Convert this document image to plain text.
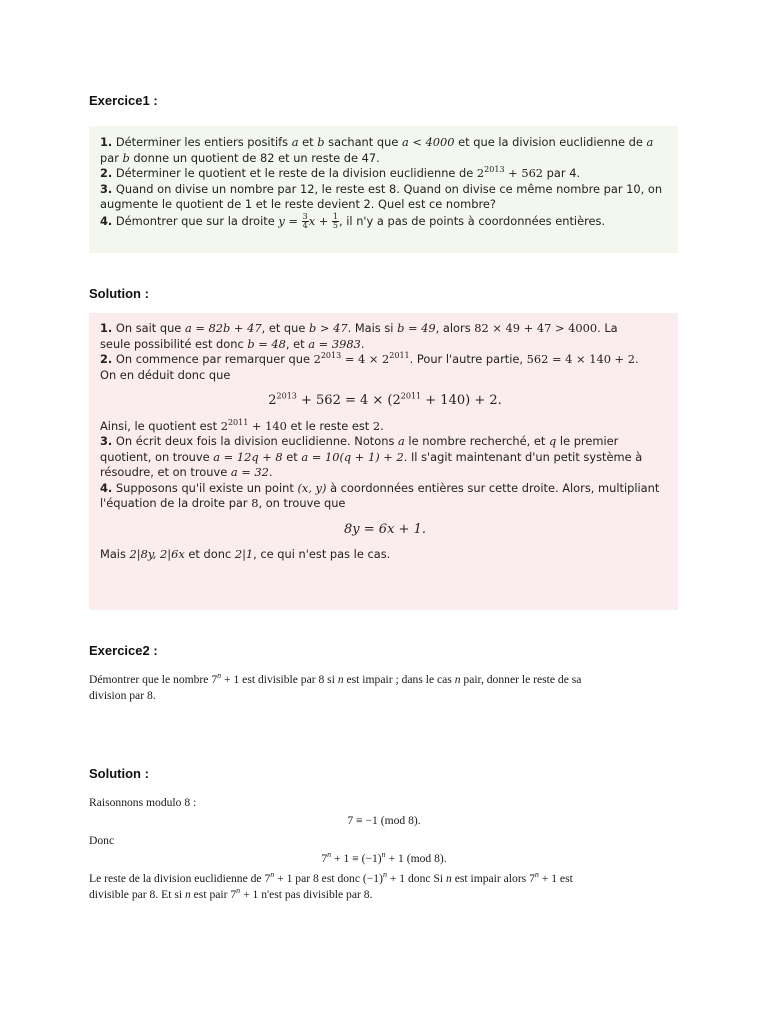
Exercice1 :
1. Déterminer les entiers positifs a et b sachant que a < 4000 et que la division euclidienne de a
par b donne un quotient de 82 et un reste de 47.
2. Déterminer le quotient et le reste de la division euclidienne de $2^{2013} + 562$ par 4.
3. Quand on divise un nombre par 12, le reste est 8. Quand on divise ce même nombre par 10, on
augmente le quotient de 1 et le reste devient 2. Quel est ce nombre?
4. Démontrer que sur la droite $y = \frac{3}{4}$ $x + \frac{1}{5}$ , il n'y a pas de points à coordonnées entières.
Solution :
1. On sait que a = 82b + 47, et que b > 47. Mais si b = 49, alors 82 × 49 + 47 > 4000. La
seule possibilité est donc b = 48, et a = 3983.
2. On commence par remarquer que $2^{2013} = 4 \times 2^{2011}$. Pour l'autre partie, 562 = 4 × 140 + 2.
On en déduit donc que
$2^{2013} + 562 = 4 \times (2^{2011} + 140) + 2$.
Ainsi, le quotient est $2^{2011} + 140$ et le reste est 2.
3. On écrit deux fois la division euclidienne. Notons a le nombre recherché, et q le premier
quotient, on trouve a = 12q + 8 et a = 10(q + 1) + 2. Il s'agit maintenant d'un petit système à
résoudre, et on trouve a = 32.
4. Supposons qu'il existe un point (x, y) à coordonnées entières sur cette droite. Alors, multipliant
l'équation de la droite par 8, on trouve que
8y = 6x + 1.
Mais 2|8y, 2|6x et donc 2|1, ce qui n'est pas le cas.
Exercice2 :
Démontrer que le nombre $7^n + 1$ est divisible par 8 si n est impair ; dans le cas n pair, donner le reste de sa
division par 8.
Solution :
Raisonnons modulo 8 :
7 ≡ −1 (mod 8).
Donc
$7^n + 1 \equiv (-1)^n + 1$ (mod 8).
Le reste de la division euclidienne de $7^n + 1$ par 8 est donc $(-1)^n + 1$ donc Si n est impair alors $7^n + 1$ est
divisible par 8. Et si n est pair $7^n + 1$ n'est pas divisible par 8.
